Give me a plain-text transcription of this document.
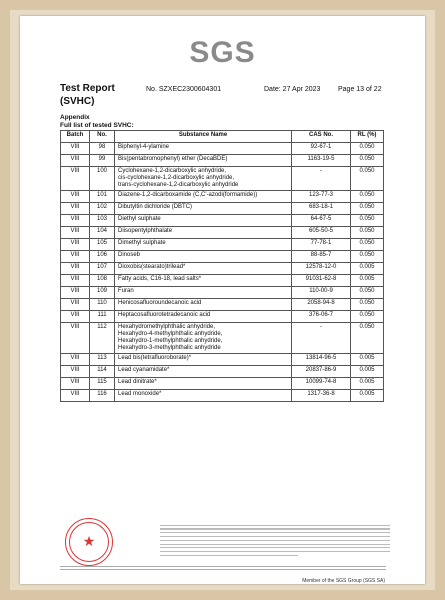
SGS
Test Report
(SVHC)
No. SZXEC2300604301	Date: 27 Apr 2023	Page 13 of 22
Appendix
Full list of tested SVHC:
Batch	No.	Substance Name	CAS No.	RL (%)
VIII	98	Biphenyl-4-ylamine	92-67-1	0.050
VIII	99	Bis(pentabromophenyl) ether (DecaBDE)	1163-19-5	0.050
VIII	100	Cyclohexane-1,2-dicarboxylic anhydride,
cis-cyclohexane-1,2-dicarboxylic anhydride,
trans-cyclohexane-1,2-dicarboxylic anhydride	-	0.050
VIII	101	Diazene-1,2-dicarboxamide (C,C'-azodi(formamide))	123-77-3	0.050
VIII	102	Dibutyltin dichloride (DBTC)	683-18-1	0.050
VIII	103	Diethyl sulphate	64-67-5	0.050
VIII	104	Diisopentylphthalate	605-50-5	0.050
VIII	105	Dimethyl sulphate	77-78-1	0.050
VIII	106	Dinoseb	88-85-7	0.050
VIII	107	Dioxobis(stearato)trilead*	12578-12-0	0.005
VIII	108	Fatty acids, C16-18, lead salts*	91031-62-8	0.005
VIII	109	Furan	110-00-9	0.050
VIII	110	Henicosafluoroundecanoic acid	2058-94-8	0.050
VIII	111	Heptacosafluorotetradecanoic acid	376-06-7	0.050
VIII	112	Hexahydromethylphthalic anhydride,
Hexahydro-4-methylphthalic anhydride,
Hexahydro-1-methylphthalic anhydride,
Hexahydro-3-methylphthalic anhydride	-	0.050
VIII	113	Lead bis(tetrafluoroborate)*	13814-96-5	0.005
VIII	114	Lead cyanamidate*	20837-86-9	0.005
VIII	115	Lead dinitrate*	10099-74-8	0.005
VIII	116	Lead monoxide*	1317-36-8	0.005
★
Member of the SGS Group (SGS SA)
